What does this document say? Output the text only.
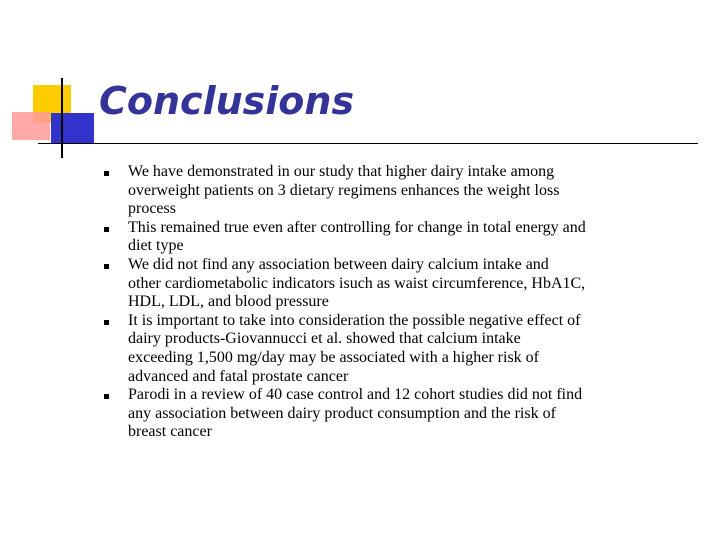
Conclusions
We have demonstrated in our study that higher dairy intake among
overweight patients on 3 dietary regimens enhances the weight loss
process
This remained true even after controlling for change in total energy and
diet type
We did not find any association between dairy calcium intake and
other cardiometabolic indicators isuch as waist circumference, HbA1C,
HDL, LDL, and blood pressure
It is important to take into consideration the possible negative effect of
dairy products-Giovannucci et al. showed that calcium intake
exceeding 1,500 mg/day may be associated with a higher risk of
advanced and fatal prostate cancer
Parodi in a review of 40 case control and 12 cohort studies did not find
any association between dairy product consumption and the risk of
breast cancer
